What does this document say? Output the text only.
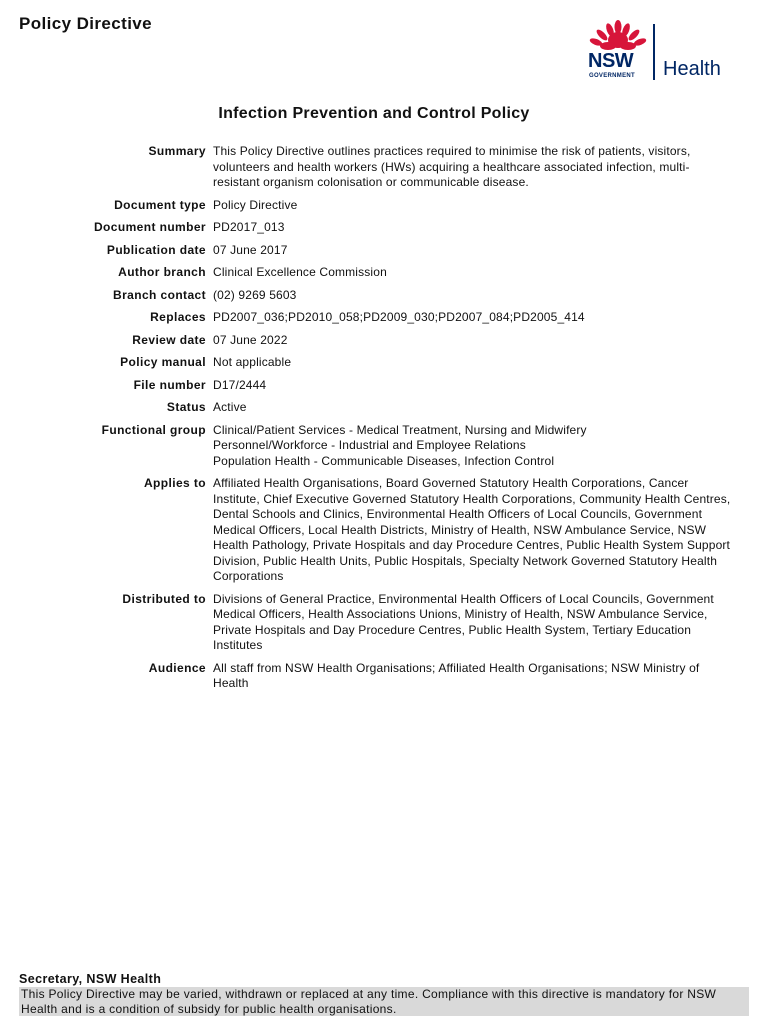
Policy Directive
NSW
GOVERNMENT Health
Infection Prevention and Control Policy
Summary This Policy Directive outlines practices required to minimise the risk of patients, visitors, volunteers and health workers (HWs) acquiring a healthcare associated infection, multi-resistant organism colonisation or communicable disease.
Document type Policy Directive
Document number PD2017_013
Publication date 07 June 2017
Author branch Clinical Excellence Commission
Branch contact (02) 9269 5603
Replaces PD2007_036;PD2010_058;PD2009_030;PD2007_084;PD2005_414
Review date 07 June 2022
Policy manual Not applicable
File number D17/2444
Status Active
Functional group Clinical/Patient Services - Medical Treatment, Nursing and Midwifery
Personnel/Workforce - Industrial and Employee Relations
Population Health - Communicable Diseases, Infection Control
Applies to Affiliated Health Organisations, Board Governed Statutory Health Corporations, Cancer Institute, Chief Executive Governed Statutory Health Corporations, Community Health Centres, Dental Schools and Clinics, Environmental Health Officers of Local Councils, Government Medical Officers, Local Health Districts, Ministry of Health, NSW Ambulance Service, NSW Health Pathology, Private Hospitals and day Procedure Centres, Public Health System Support Division, Public Health Units, Public Hospitals, Specialty Network Governed Statutory Health Corporations
Distributed to Divisions of General Practice, Environmental Health Officers of Local Councils, Government Medical Officers, Health Associations Unions, Ministry of Health, NSW Ambulance Service, Private Hospitals and Day Procedure Centres, Public Health System, Tertiary Education Institutes
Audience All staff from NSW Health Organisations; Affiliated Health Organisations; NSW Ministry of Health
Secretary, NSW Health
This Policy Directive may be varied, withdrawn or replaced at any time. Compliance with this directive is mandatory for NSW Health and is a condition of subsidy for public health organisations.
